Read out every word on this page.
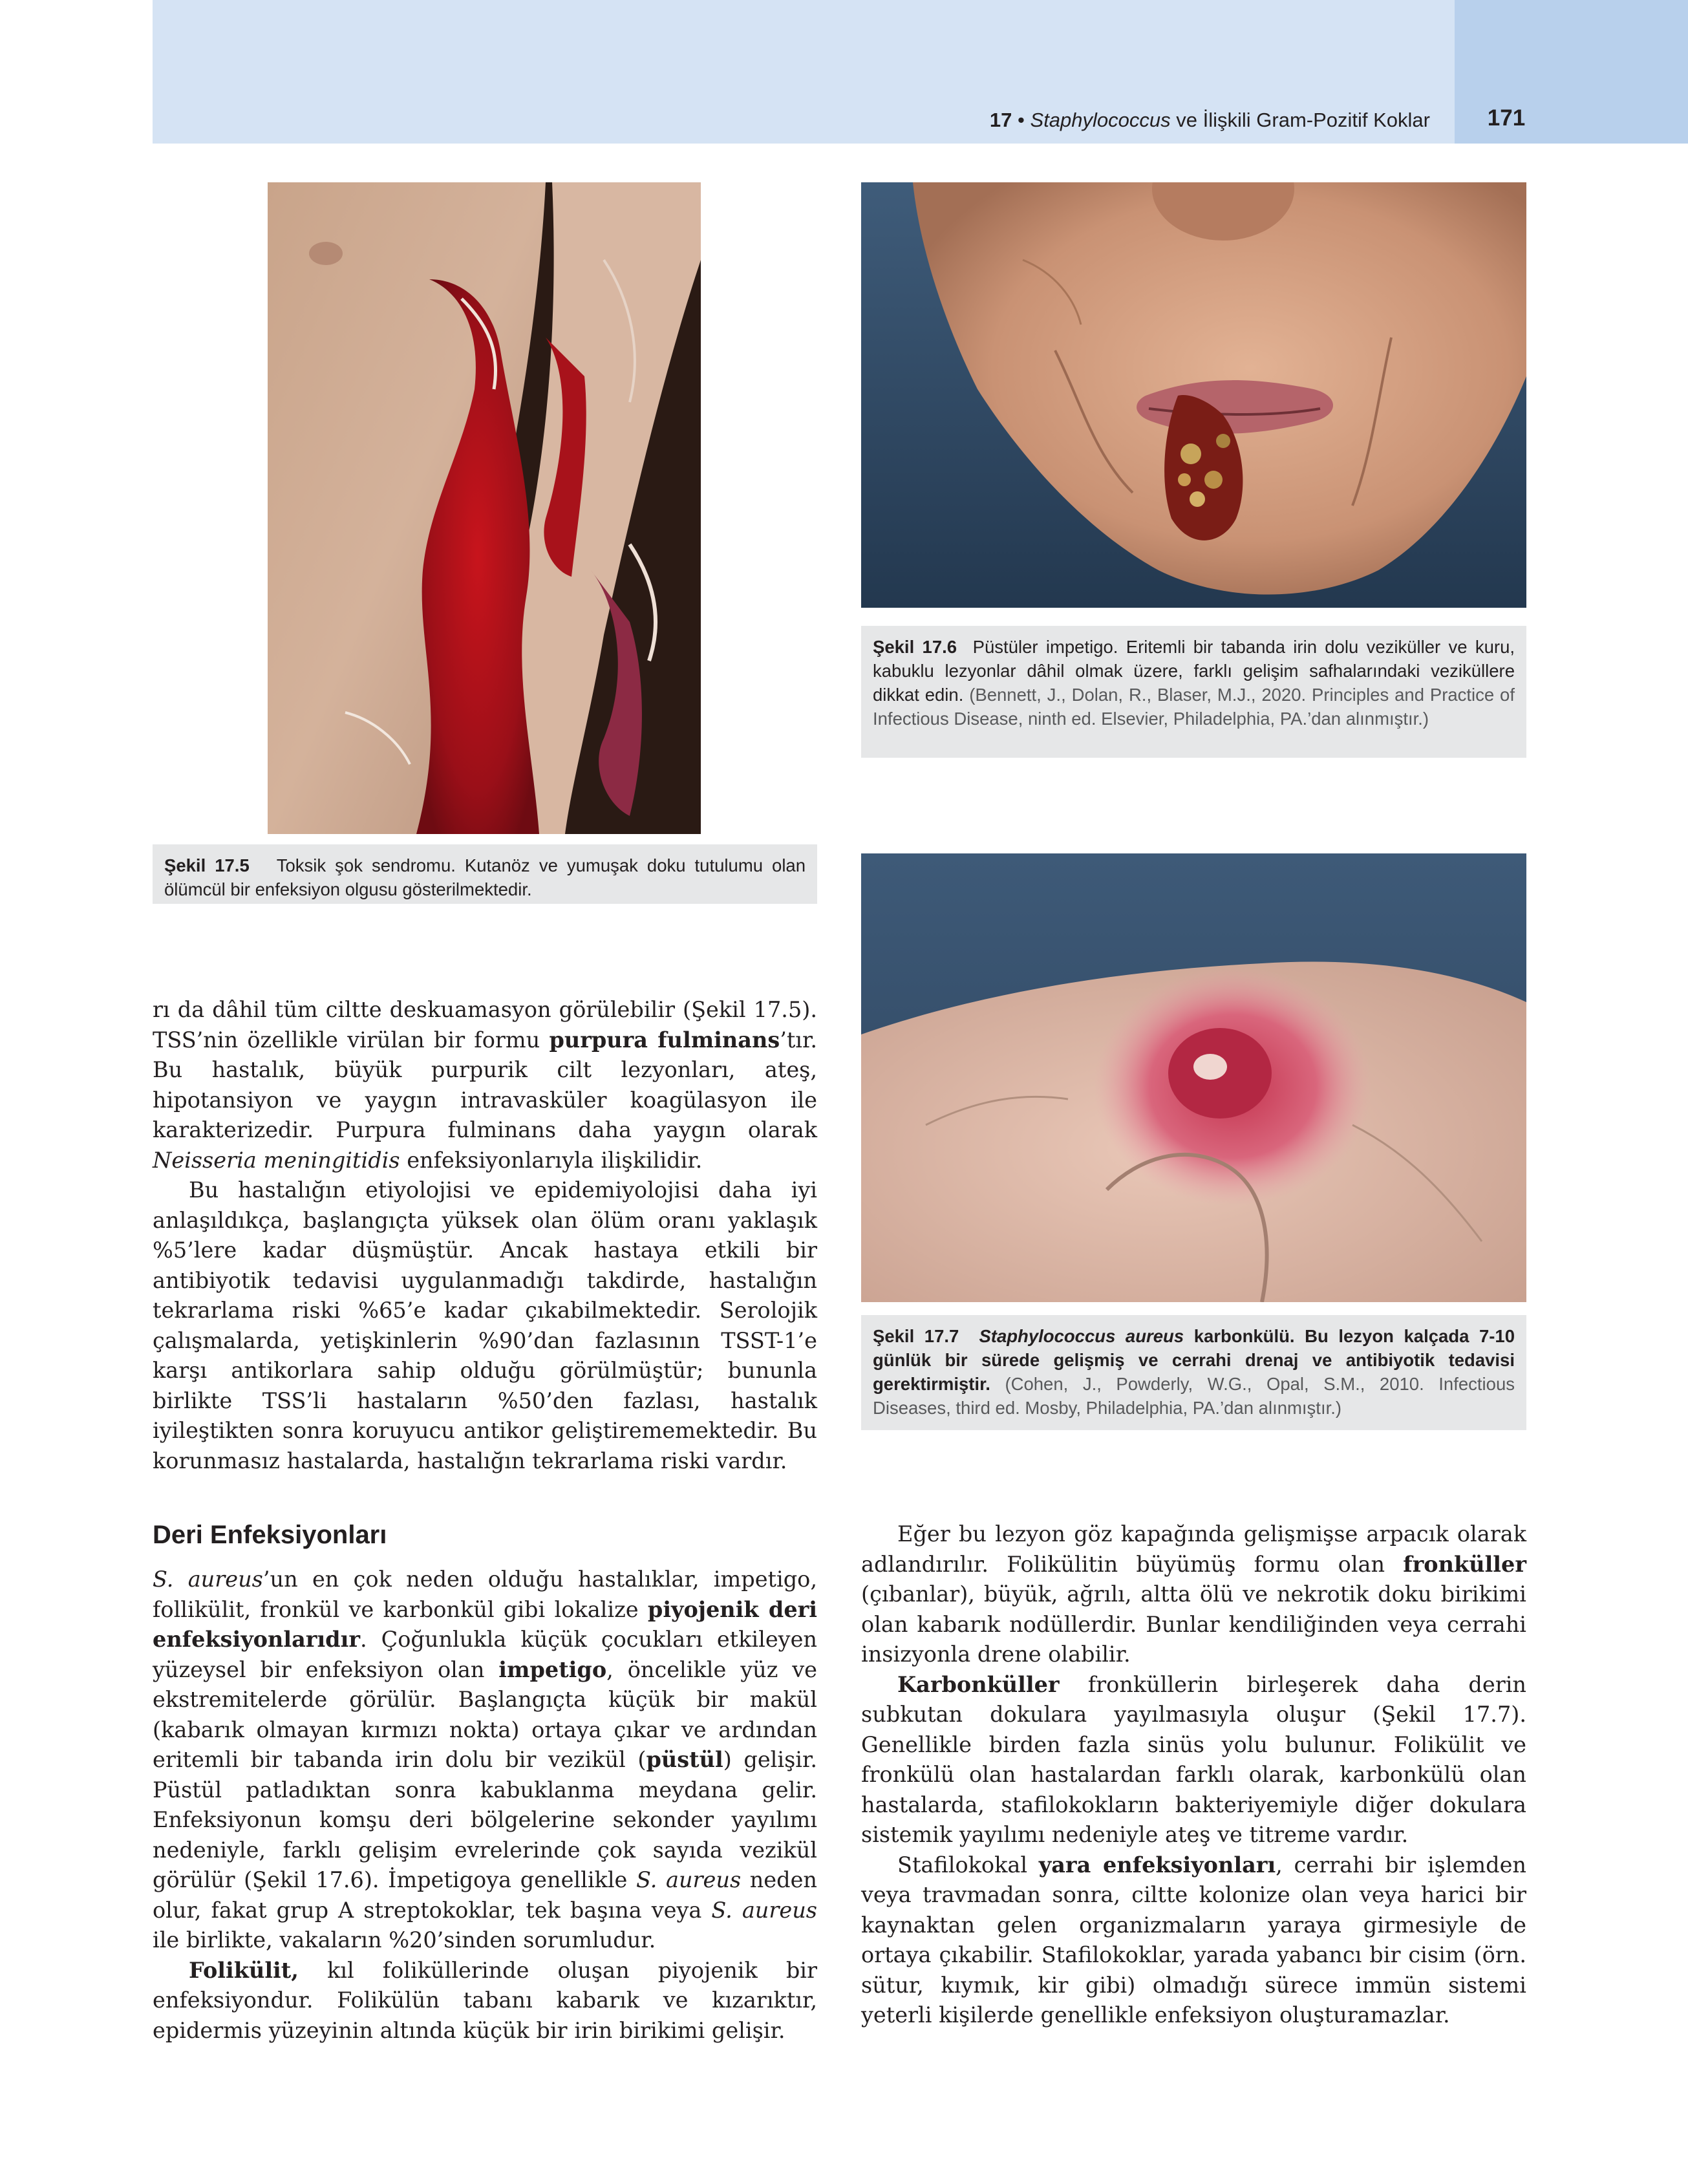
17 • Staphylococcus ve İlişkili Gram-Pozitif Koklar	171
Şekil 17.5 Toksik şok sendromu. Kutanöz ve yumuşak doku tutulumu olan ölümcül bir enfeksiyon olgusu gösterilmektedir.
Şekil 17.6 Püstüler impetigo. Eritemli bir tabanda irin dolu veziküller ve kuru, kabuklu lezyonlar dâhil olmak üzere, farklı gelişim safhalarındaki veziküllere dikkat edin. (Bennett, J., Dolan, R., Blaser, M.J., 2020. Principles and Practice of Infectious Disease, ninth ed. Elsevier, Philadelphia, PA.’dan alınmıştır.)
Şekil 17.7 Staphylococcus aureus karbonkülü. Bu lezyon kalçada 7-10 günlük bir sürede gelişmiş ve cerrahi drenaj ve antibiyotik tedavisi gerektirmiştir. (Cohen, J., Powderly, W.G., Opal, S.M., 2010. Infectious Diseases, third ed. Mosby, Philadelphia, PA.’dan alınmıştır.)

rı da dâhil tüm ciltte deskuamasyon görülebilir (Şekil 17.5). TSS’nin özellikle virülan bir formu purpura fulminans’tır. Bu hastalık, büyük purpurik cilt lezyonları, ateş, hipotansiyon ve yaygın intravasküler koagülasyon ile karakterizedir. Purpura fulminans daha yaygın olarak Neisseria meningitidis enfeksiyonlarıyla ilişkilidir.

Bu hastalığın etiyolojisi ve epidemiyolojisi daha iyi anlaşıldıkça, başlangıçta yüksek olan ölüm oranı yaklaşık %5’lere kadar düşmüştür. Ancak hastaya etkili bir antibiyotik tedavisi uygulanmadığı takdirde, hastalığın tekrarlama riski %65’e kadar çıkabilmektedir. Serolojik çalışmalarda, yetişkinlerin %90’dan fazlasının TSST-1’e karşı antikorlara sahip olduğu görülmüştür; bununla birlikte TSS’li hastaların %50’den fazlası, hastalık iyileştikten sonra koruyucu antikor geliştirememektedir. Bu korunmasız hastalarda, hastalığın tekrarlama riski vardır.

Deri Enfeksiyonları

S. aureus’un en çok neden olduğu hastalıklar, impetigo, follikülit, fronkül ve karbonkül gibi lokalize piyojenik deri enfeksiyonlarıdır. Çoğunlukla küçük çocukları etkileyen yüzeysel bir enfeksiyon olan impetigo, öncelikle yüz ve ekstremitelerde görülür. Başlangıçta küçük bir makül (kabarık olmayan kırmızı nokta) ortaya çıkar ve ardından eritemli bir tabanda irin dolu bir vezikül (püstül) gelişir. Püstül patladıktan sonra kabuklanma meydana gelir. Enfeksiyonun komşu deri bölgelerine sekonder yayılımı nedeniyle, farklı gelişim evrelerinde çok sayıda vezikül görülür (Şekil 17.6). İmpetigoya genellikle S. aureus neden olur, fakat grup A streptokoklar, tek başına veya S. aureus ile birlikte, vakaların %20’sinden sorumludur.

Folikülit, kıl foliküllerinde oluşan piyojenik bir enfeksiyondur. Folikülün tabanı kabarık ve kızarıktır, epidermis yüzeyinin altında küçük bir irin birikimi gelişir.

Eğer bu lezyon göz kapağında gelişmişse arpacık olarak adlandırılır. Folikülitin büyümüş formu olan fronküller (çıbanlar), büyük, ağrılı, altta ölü ve nekrotik doku birikimi olan kabarık nodüllerdir. Bunlar kendiliğinden veya cerrahi insizyonla drene olabilir.

Karbonküller fronküllerin birleşerek daha derin subkutan dokulara yayılmasıyla oluşur (Şekil 17.7). Genellikle birden fazla sinüs yolu bulunur. Folikülit ve fronkülü olan hastalardan farklı olarak, karbonkülü olan hastalarda, stafilokokların bakteriyemiyle diğer dokulara sistemik yayılımı nedeniyle ateş ve titreme vardır.

Stafilokokal yara enfeksiyonları, cerrahi bir işlemden veya travmadan sonra, ciltte kolonize olan veya harici bir kaynaktan gelen organizmaların yaraya girmesiyle de ortaya çıkabilir. Stafilokoklar, yarada yabancı bir cisim (örn. sütur, kıymık, kir gibi) olmadığı sürece immün sistemi yeterli kişilerde genellikle enfeksiyon oluşturamazlar.
